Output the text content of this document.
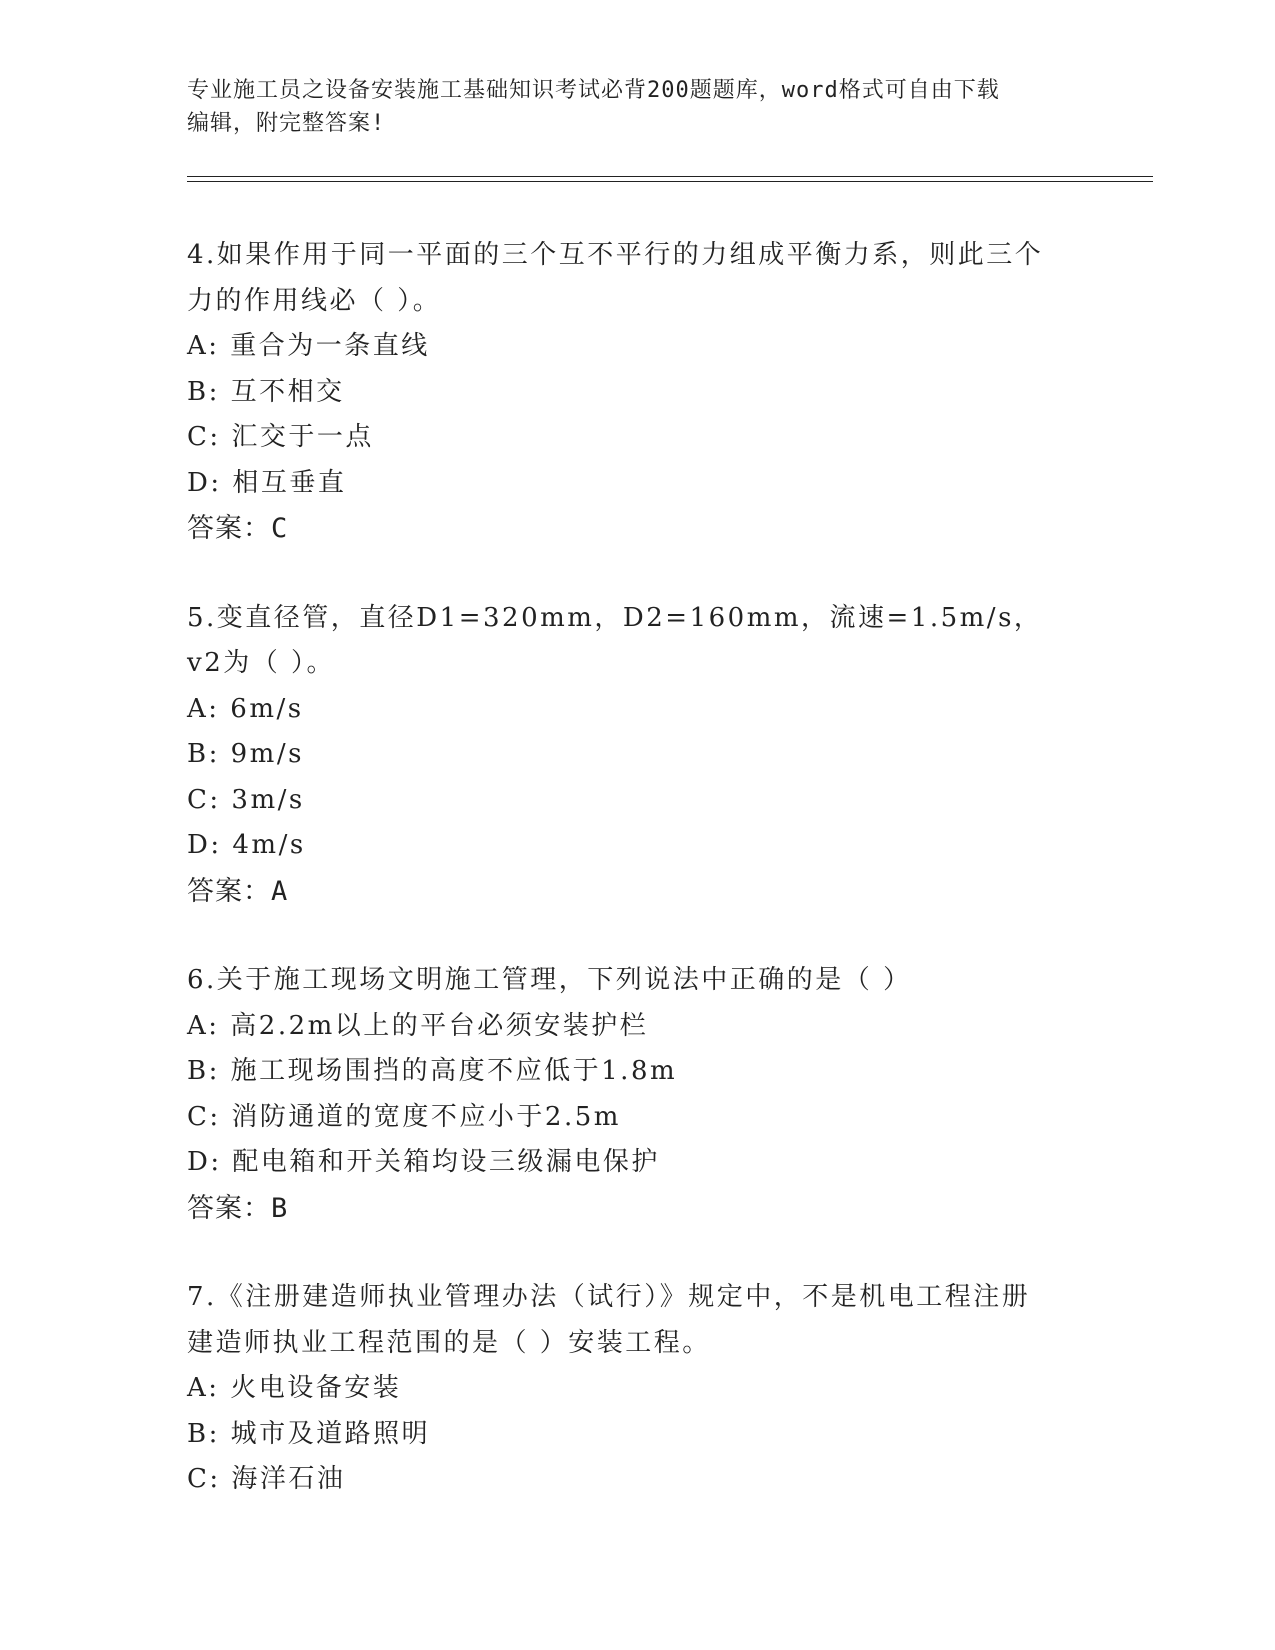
专业施工员之设备安装施工基础知识考试必背200题题库，word格式可自由下载
编辑，附完整答案!

4.如果作用于同一平面的三个互不平行的力组成平衡力系，则此三个

力的作用线必（ ）。

A: 重合为一条直线

B: 互不相交

C: 汇交于一点

D: 相互垂直

答案：C

5.变直径管，直径D1=320mm，D2=160mm，流速=1.5m/s，v2为（ ）。

A: 6m/s

B: 9m/s

C: 3m/s

D: 4m/s

答案：A

6.关于施工现场文明施工管理，下列说法中正确的是（ ）

A: 高2.2m以上的平台必须安装护栏

B: 施工现场围挡的高度不应低于1.8m

C: 消防通道的宽度不应小于2.5m

D: 配电箱和开关箱均设三级漏电保护

答案：B

7.《注册建造师执业管理办法（试行）》规定中，不是机电工程注册

建造师执业工程范围的是（ ）安装工程。

A: 火电设备安装

B: 城市及道路照明

C: 海洋石油
